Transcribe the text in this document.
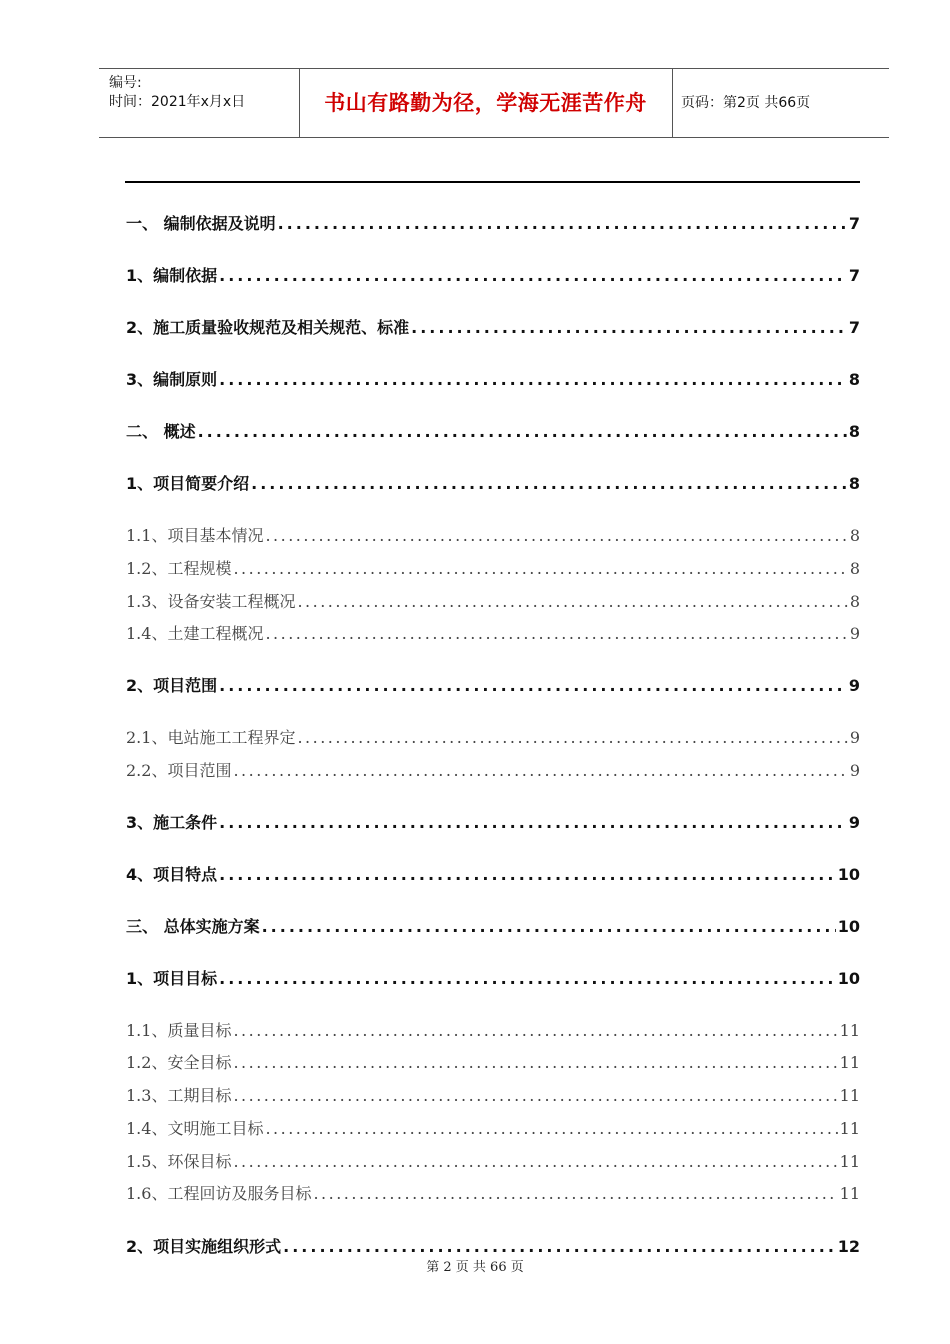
编号:
时间：2021年x月x日	书山有路勤为径，学海无涯苦作舟	页码：第2页 共66页
一、 编制依据及说明 .....	7
1、编制依据 .....	7
2、施工质量验收规范及相关规范、标准 .....	7
3、编制原则 .....	8
二、 概述 .....	8
1、项目简要介绍 .....	8
1.1、项目基本情况 .....	8
1.2、工程规模 .....	8
1.3、设备安装工程概况 .....	8
1.4、土建工程概况 .....	9
2、项目范围 .....	9
2.1、电站施工工程界定 .....	9
2.2、项目范围 .....	9
3、施工条件 .....	9
4、项目特点 .....	10
三、 总体实施方案 .....	10
1、项目目标 .....	10
1.1、质量目标 .....	11
1.2、安全目标 .....	11
1.3、工期目标 .....	11
1.4、文明施工目标 .....	11
1.5、环保目标 .....	11
1.6、工程回访及服务目标 .....	11
2、项目实施组织形式 .....	12
第 2 页 共 66 页
